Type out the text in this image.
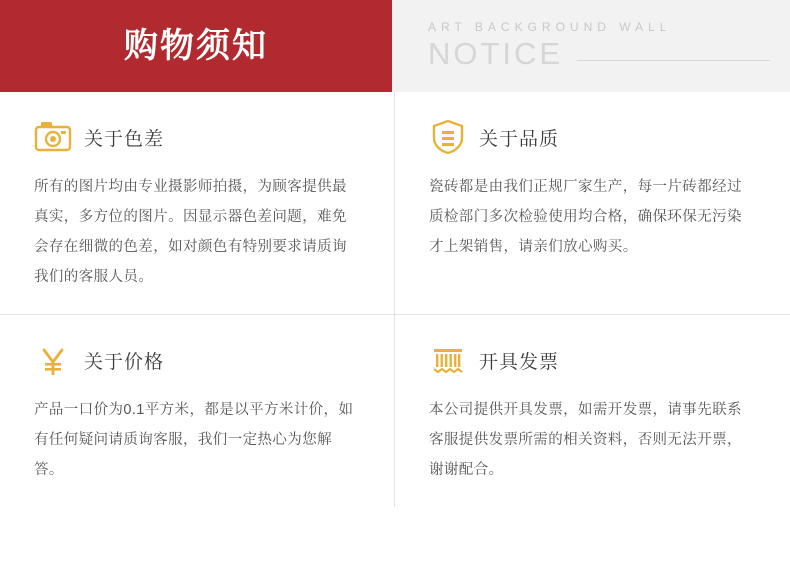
购物须知	ART BACKGROUND WALL
NOTICE
关于色差

所有的图片均由专业摄影师拍摄，为顾客提供最真实，多方位的图片。因显示器色差问题，难免会存在细微的色差，如对颜色有特别要求请质询我们的客服人员。

关于品质

瓷砖都是由我们正规厂家生产，每一片砖都经过质检部门多次检验使用均合格，确保环保无污染才上架销售，请亲们放心购买。

关于价格

产品一口价为0.1平方米，都是以平方米计价，如有任何疑问请质询客服，我们一定热心为您解答。

开具发票

本公司提供开具发票，如需开发票，请事先联系客服提供发票所需的相关资料，否则无法开票，谢谢配合。
